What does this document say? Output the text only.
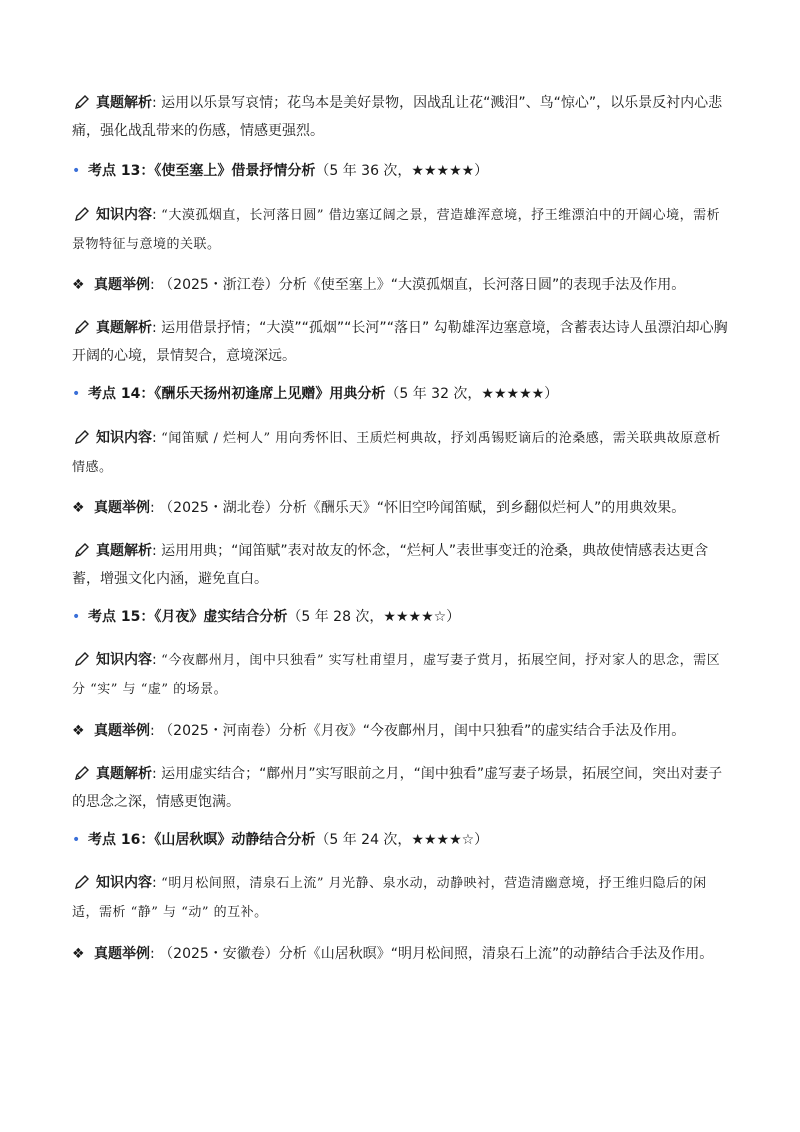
真题解析: 运用以乐景写哀情；花鸟本是美好景物，因战乱让花“溅泪”、鸟“惊心”，以乐景反衬内心悲痛，强化战乱带来的伤感，情感更强烈。
• 考点 13：《使至塞上》借景抒情分析（5 年 36 次，★★★★★）
知识内容: “大漠孤烟直，长河落日圆” 借边塞辽阔之景，营造雄浑意境，抒王维漂泊中的开阔心境，需析景物特征与意境的关联。
❖ 真题举例: （2025・浙江卷）分析《使至塞上》“大漠孤烟直，长河落日圆”的表现手法及作用。
真题解析: 运用借景抒情；“大漠”“孤烟”“长河”“落日” 勾勒雄浑边塞意境，含蓄表达诗人虽漂泊却心胸开阔的心境，景情契合，意境深远。
• 考点 14：《酬乐天扬州初逢席上见赠》用典分析（5 年 32 次，★★★★★）
知识内容: “闻笛赋 / 烂柯人” 用向秀怀旧、王质烂柯典故，抒刘禹锡贬谪后的沧桑感，需关联典故原意析情感。
❖ 真题举例: （2025・湖北卷）分析《酬乐天》“怀旧空吟闻笛赋，到乡翻似烂柯人”的用典效果。
真题解析: 运用用典；“闻笛赋”表对故友的怀念，“烂柯人”表世事变迁的沧桑，典故使情感表达更含蓄，增强文化内涵，避免直白。
• 考点 15：《月夜》虚实结合分析（5 年 28 次，★★★★☆）
知识内容: “今夜鄜州月，闺中只独看” 实写杜甫望月，虚写妻子赏月，拓展空间，抒对家人的思念，需区分 “实” 与 “虚” 的场景。
❖ 真题举例: （2025・河南卷）分析《月夜》“今夜鄜州月，闺中只独看”的虚实结合手法及作用。
真题解析: 运用虚实结合；“鄜州月”实写眼前之月，“闺中独看”虚写妻子场景，拓展空间，突出对妻子的思念之深，情感更饱满。
• 考点 16：《山居秋暝》动静结合分析（5 年 24 次，★★★★☆）
知识内容: “明月松间照，清泉石上流” 月光静、泉水动，动静映衬，营造清幽意境，抒王维归隐后的闲适，需析 “静” 与 “动” 的互补。
❖ 真题举例: （2025・安徽卷）分析《山居秋暝》“明月松间照，清泉石上流”的动静结合手法及作用。
